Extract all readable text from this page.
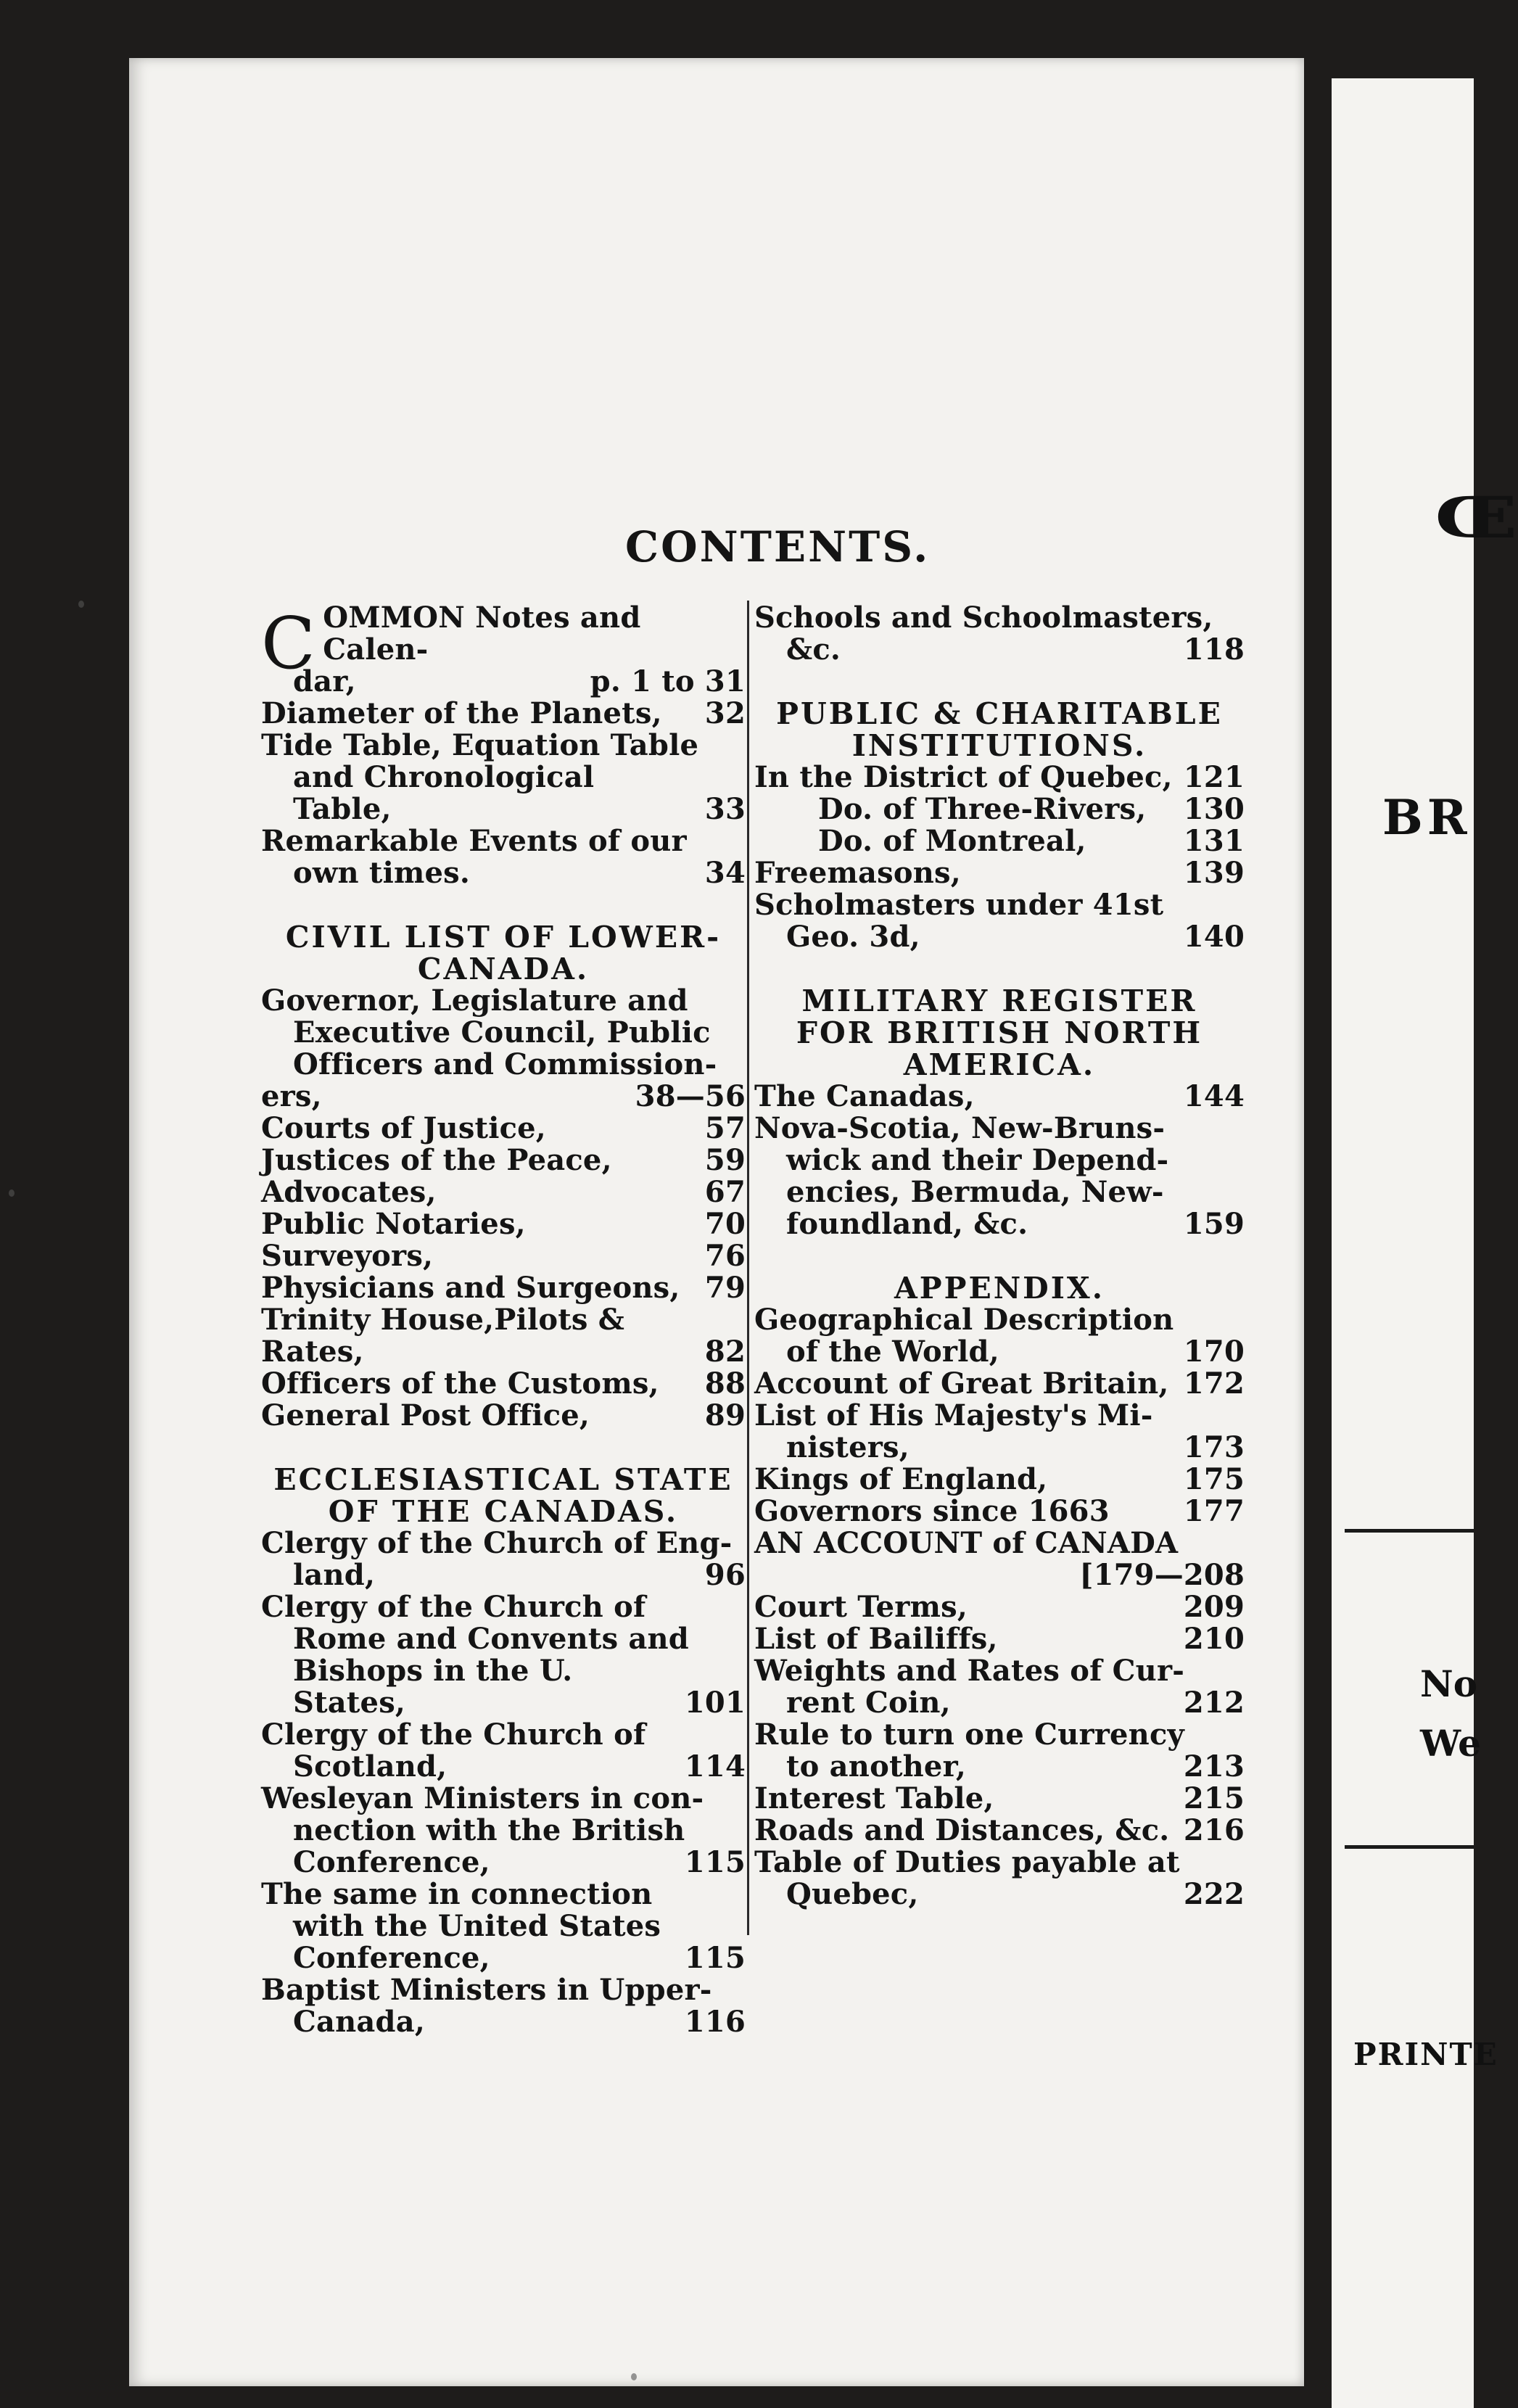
ɶ
BR
No
We
PRINTE
CONTENTS.
C OMMON Notes and Calen-
dar,	p. 1 to 31
Diameter of the Planets,	32
Tide Table, Equation Table
and Chronological Table,	33
Remarkable Events of our
own times.	34
CIVIL LIST OF LOWER-
CANADA.
Governor, Legislature and
Executive Council, Public
Officers and Commission-
ers,	38—56
Courts of Justice,	57
Justices of the Peace,	59
Advocates,	67
Public Notaries,	70
Surveyors,	76
Physicians and Surgeons, 79
Trinity House,Pilots & Rates,	82
Officers of the Customs,	88
General Post Office,	89
ECCLESIASTICAL STATE
OF THE CANADAS.
Clergy of the Church of Eng-
land,	96
Clergy of the Church of
Rome and Convents and
Bishops in the U. States,	101
Clergy of the Church of
Scotland,	114
Wesleyan Ministers in con-
nection with the British
Conference,	115
The same in connection
with the United States
Conference,	115
Baptist Ministers in Upper-
Canada,	116
Schools and Schoolmasters,
&c.	118
PUBLIC & CHARITABLE
INSTITUTIONS.
In the District of Quebec, 121
Do. of Three-Rivers,	130
Do. of Montreal,	131
Freemasons,	139
Scholmasters under 41st
Geo. 3d,	140
MILITARY REGISTER
FOR BRITISH NORTH
AMERICA.
The Canadas,	144
Nova-Scotia, New-Bruns-
wick and their Depend-
encies, Bermuda, New-
foundland, &c.	159
APPENDIX.
Geographical Description
of the World,	170
Account of Great Britain, 172
List of His Majesty's Mi-
nisters,	173
Kings of England,	175
Governors since 1663	177
AN ACCOUNT of CANADA
[179—208
Court Terms,	209
List of Bailiffs,	210
Weights and Rates of Cur-
rent Coin,	212
Rule to turn one Currency
to another,	213
Interest Table,	215
Roads and Distances, &c. 216
Table of Duties payable at
Quebec,	222
